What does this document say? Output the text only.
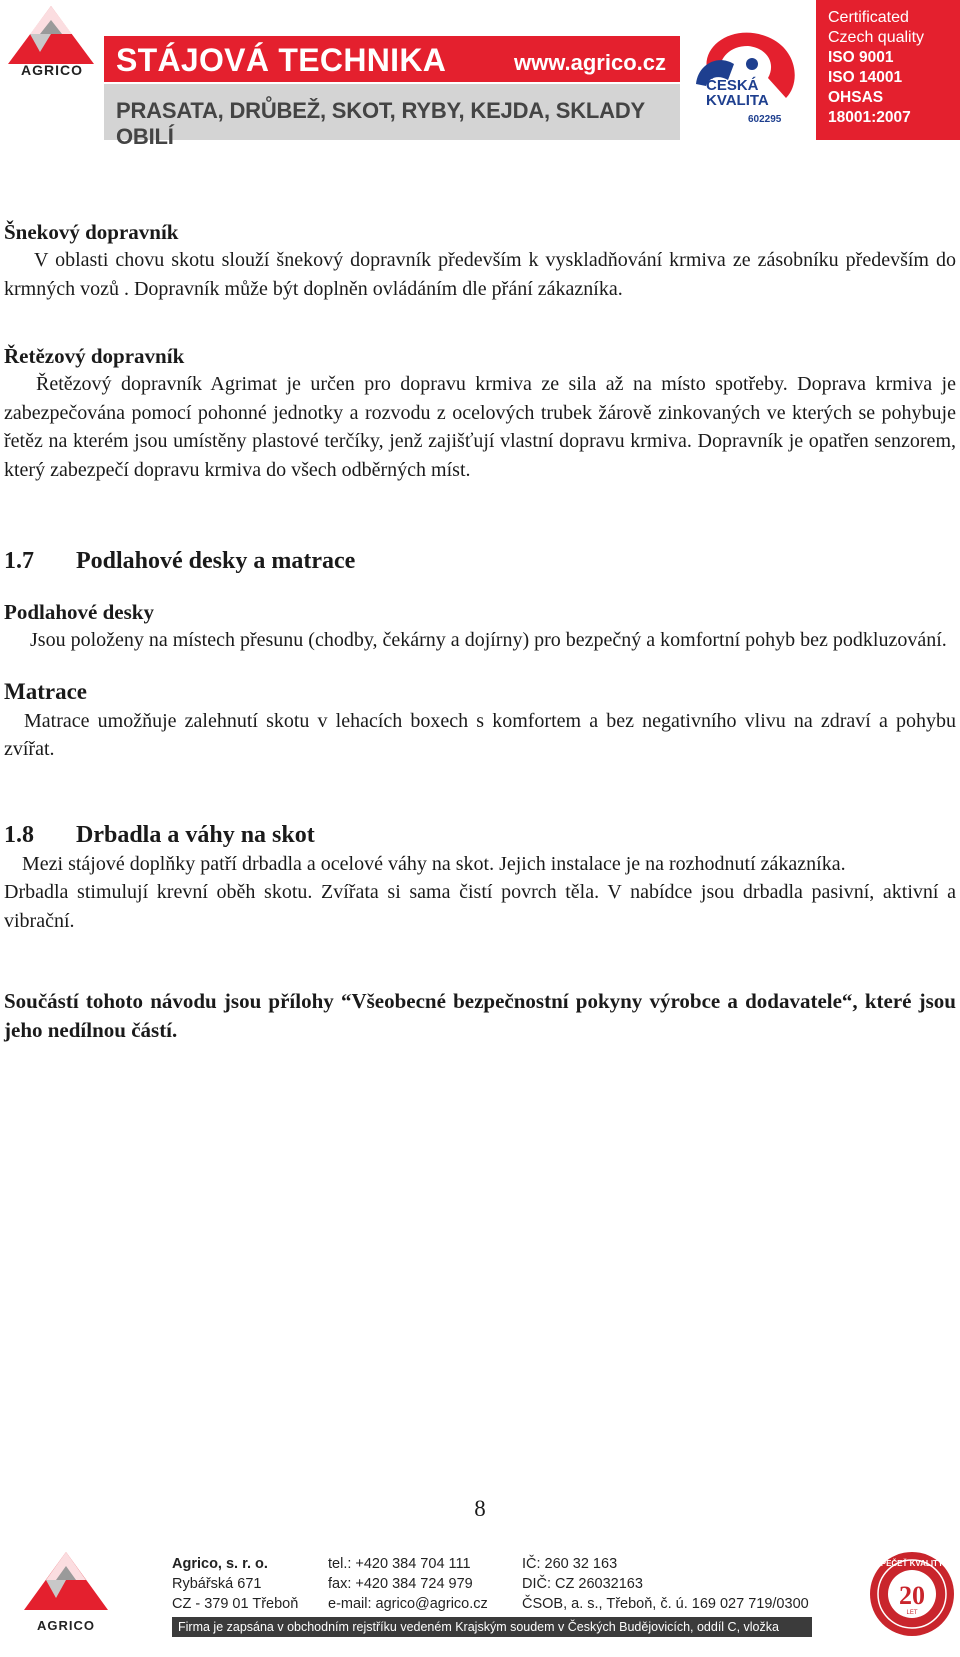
AGRICO	STÁJOVÁ TECHNIKA	www.agrico.cz
PRASATA, DRŮBEŽ, SKOT, RYBY, KEJDA, SKLADY OBILÍ
ČESKÁ
KVALITA
602295
Certificated
Czech quality
ISO 9001
ISO 14001
OHSAS
18001:2007
Šnekový dopravník

V oblasti chovu skotu slouží šnekový dopravník především k vyskladňování krmiva ze zásobníku především do krmných vozů . Dopravník může být doplněn ovládáním dle přání zákazníka.

Řetězový dopravník

Řetězový dopravník Agrimat je určen pro dopravu krmiva ze sila až na místo spotřeby. Doprava krmiva je zabezpečována pomocí pohonné jednotky a rozvodu z ocelových trubek žárově zinkovaných ve kterých se pohybuje řetěz na kterém jsou umístěny plastové terčíky, jenž zajišťují vlastní dopravu krmiva. Dopravník je opatřen senzorem, který zabezpečí dopravu krmiva do všech odběrných míst.

1.7 Podlahové desky a matrace
Podlahové desky

Jsou položeny na místech přesunu (chodby, čekárny a dojírny) pro bezpečný a komfortní pohyb bez podkluzování.

Matrace

Matrace umožňuje zalehnutí skotu v lehacích boxech s komfortem a bez negativního vlivu na zdraví a pohybu zvířat.

1.8 Drbadla a váhy na skot

Mezi stájové doplňky patří drbadla a ocelové váhy na skot. Jejich instalace je na rozhodnutí zákazníka.

Drbadla stimulují krevní oběh skotu. Zvířata si sama čistí povrch těla. V nabídce jsou drbadla pasivní, aktivní a vibrační.

Součástí tohoto návodu jsou přílohy “Všeobecné bezpečnostní pokyny výrobce a dodavatele“, které jsou jeho nedílnou částí.

8
AGRICO
Agrico, s. r. o.
Rybářská 671
CZ - 379 01 Třeboň
tel.: +420 384 704 111
fax: +420 384 724 979
e-mail: agrico@agrico.cz
IČ: 260 32 163
DIČ: CZ 26032163
ČSOB, a. s., Třeboň, č. ú. 169 027 719/0300
Firma je zapsána v obchodním rejstříku vedeném Krajským soudem v Českých Budějovicích, oddíl C, vložka 10143
PEČEŤ KVALITY
20
LET
